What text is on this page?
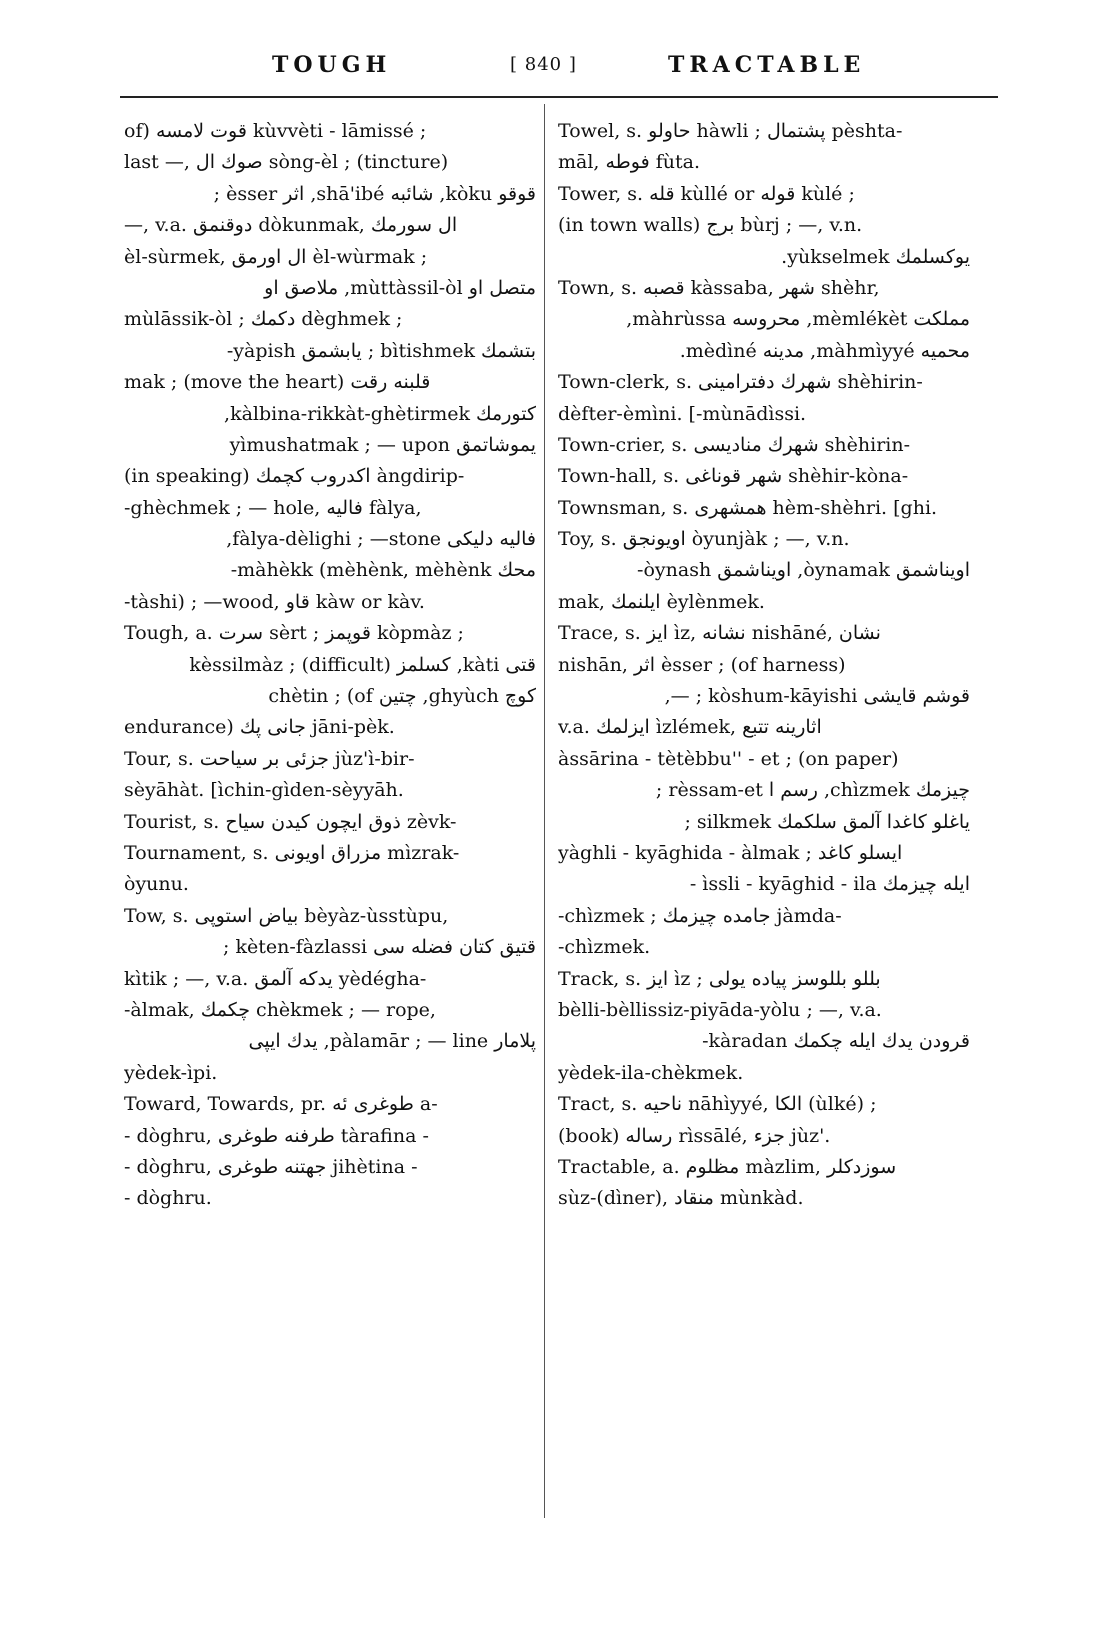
TOUGH	[ 840 ]	TRACTABLE
of) قوت لامسه kùvvèti - lāmissé ;
last —, صوك ال sòng-èl ; (tincture)
قوقو kòku, شائبه shā'ibé, اثر èsser ;
—, v.a. دوقنمق dòkunmak, ال سورمك
èl-sùrmek, ال اورمق èl-wùrmak ;
متصل او mùttàssil-òl, ملاصق او
mùlāssik-òl ; دكمك dèghmek ;
بتشمك bìtishmek ; يابشمق yàpish-
mak ; (move the heart) قلبنه رقت
كتورمك kàlbina-rikkàt-ghètirmek,
يموشاتمق yìmushatmak ; — upon
(in speaking) اكدروب كچمك àngdirip-
-ghèchmek ; — hole, فاليه fàlya,
فاليه دليكى fàlya-dèlighi ; —stone,
محك màhèkk (mèhènk, mèhènk-
-tàshi) ; —wood, قاو kàw or kàv.
Tough, a. سرت sèrt ; قوپمز kòpmàz ;
قتى kàti, كسلمز kèssilmàz ; (difficult)
كوچ ghyùch, چتين chètin ; (of
endurance) جانى پك jāni-pèk.
Tour, s. جزئى بر سياحت jùz'ì-bir-
sèyāhàt. [ìchin-gìden-sèyyāh.
Tourist, s. ذوق ايچون كيدن سياح zèvk-
Tournament, s. مزراق اويونى mìzrak-
òyunu.
Tow, s. بياض استوپى bèyàz-ùsstùpu,
قتيق كتان فضله سى kèten-fàzlassi ;
kìtik ; —, v.a. يدكه آلمق yèdégha-
-àlmak, چكمك chèkmek ; — rope,
پلامار pàlamār ; — line, يدك ايپى
yèdek-ìpi.
Toward, Towards, pr. طوغرى ئه a-
- dòghru, طرفنه طوغرى tàrafina -
- dòghru, جهتنه طوغرى jihètina -
- dòghru.
Towel, s. حاولو hàwli ; پشتمال pèshta-
māl, فوطه fùta.
Tower, s. قله kùllé or قوله kùlé ;
(in town walls) برج bùrj ; —, v.n.
يوكسلمك yùkselmek.
Town, s. قصبه kàssaba, شهر shèhr,
مملكت mèmlékèt, محروسه màhrùssa,
محميه màhmìyyé, مدينه mèdìné.
Town-clerk, s. شهرك دفترامينى shèhirin-
dèfter-èmìni. [-mùnādìssi.
Town-crier, s. شهرك مناديسى shèhirin-
Town-hall, s. شهر قوناغى shèhir-kòna-
Townsman, s. همشهرى hèm-shèhri. [ghi.
Toy, s. اويونجق òyunjàk ; —, v.n.
اويناشمق òynamak, اويناشمق òynash-
mak, ايلنمك èylènmek.
Trace, s. ايز ìz, نشانه nishāné, نشان
nishān, اثر èsser ; (of harness)
قوشم قايشى kòshum-kāyishi ; —,
v.a. ايزلمك ìzlémek, اثارينه تتبع
àssārina - tètèbbu'' - et ; (on paper)
چيزمك chìzmek, رسم ا rèssam-et ;
ياغلو كاغدا آلمق سلكمك silkmek ;
yàghli - kyāghida - àlmak ; ايسلو كاغد
ايله چيزمك ìssli - kyāghid - ila -
-chìzmek ; جامده چيزمك jàmda-
-chìzmek.
Track, s. ايز ìz ; بللو بللوسز پياده يولى
bèlli-bèllissiz-piyāda-yòlu ; —, v.a.
قرودن يدك ايله چكمك kàradan-
yèdek-ila-chèkmek.
Tract, s. ناحيه nāhìyyé, الكا (ùlké) ;
(book) رساله rìssālé, جزء jùz'.
Tractable, a. مظلوم màzlim, سوزدكلر
sùz-(dìner), منقاد mùnkàd.
